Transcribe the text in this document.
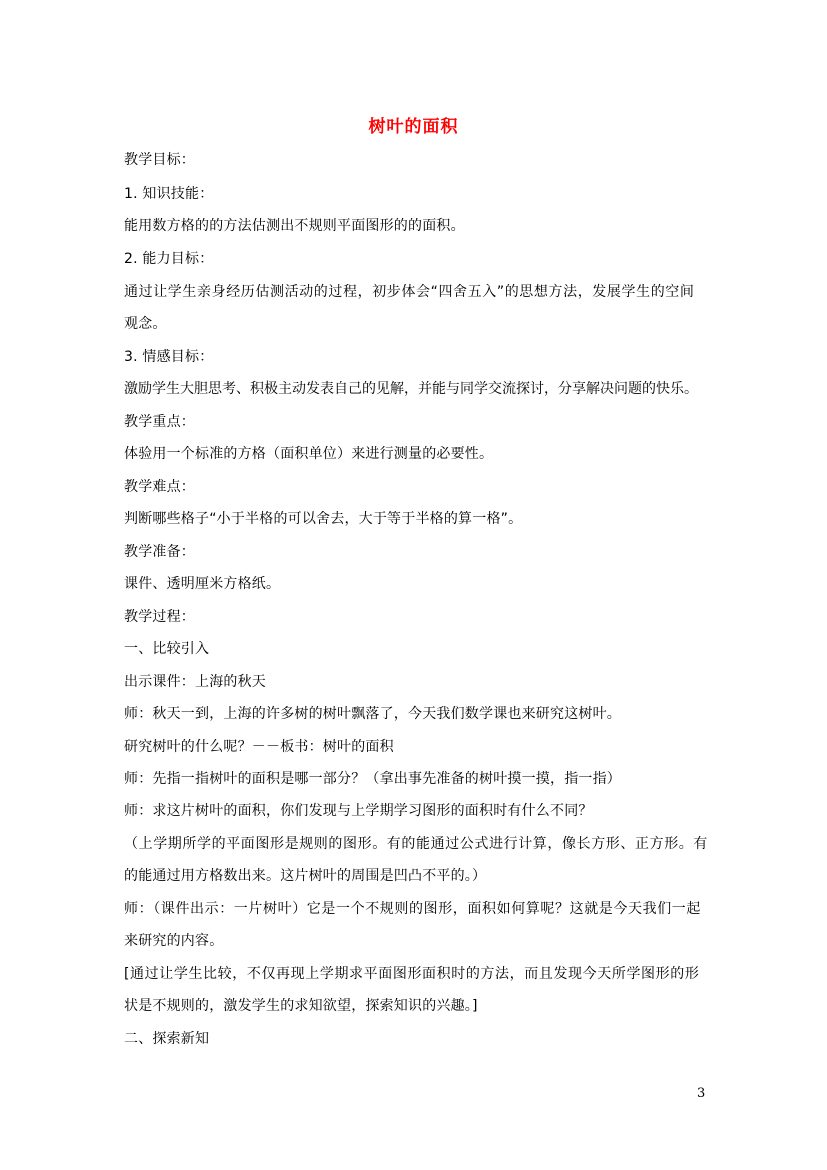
树叶的面积
教学目标：
1. 知识技能：
能用数方格的的方法估测出不规则平面图形的的面积。
2. 能力目标：
通过让学生亲身经历估测活动的过程，初步体会“四舍五入”的思想方法，发展学生的空间
观念。
3. 情感目标：
激励学生大胆思考、积极主动发表自己的见解，并能与同学交流探讨，分享解决问题的快乐。
教学重点：
体验用一个标准的方格（面积单位）来进行测量的必要性。
教学难点：
判断哪些格子“小于半格的可以舍去，大于等于半格的算一格”。
教学准备：
课件、透明厘米方格纸。
教学过程：
一、比较引入
出示课件：上海的秋天
师：秋天一到，上海的许多树的树叶飘落了，今天我们数学课也来研究这树叶。
研究树叶的什么呢？－－板书：树叶的面积
师：先指一指树叶的面积是哪一部分？（拿出事先准备的树叶摸一摸，指一指）
师：求这片树叶的面积，你们发现与上学期学习图形的面积时有什么不同？
（上学期所学的平面图形是规则的图形。有的能通过公式进行计算，像长方形、正方形。有
的能通过用方格数出来。这片树叶的周围是凹凸不平的。）
师：（课件出示：一片树叶）它是一个不规则的图形，面积如何算呢？这就是今天我们一起
来研究的内容。
[通过让学生比较，不仅再现上学期求平面图形面积时的方法，而且发现今天所学图形的形
状是不规则的，激发学生的求知欲望，探索知识的兴趣。]
二、探索新知
3
